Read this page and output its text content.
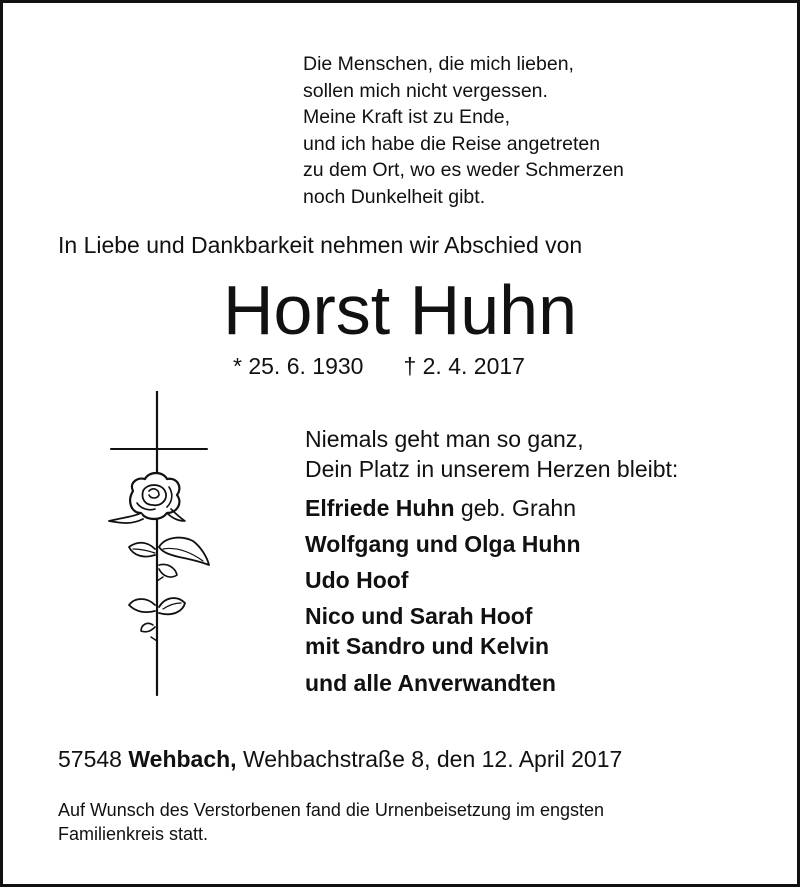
Die Menschen, die mich lieben,
sollen mich nicht vergessen.
Meine Kraft ist zu Ende,
und ich habe die Reise angetreten
zu dem Ort, wo es weder Schmerzen
noch Dunkelheit gibt.
In Liebe und Dankbarkeit nehmen wir Abschied von
Horst Huhn
* 25. 6. 1930 † 2. 4. 2017
Niemals geht man so ganz,
Dein Platz in unserem Herzen bleibt:
Elfriede Huhn geb. Grahn
Wolfgang und Olga Huhn
Udo Hoof
Nico und Sarah Hoof
mit Sandro und Kelvin
und alle Anverwandten
57548 Wehbach, Wehbachstraße 8, den 12. April 2017
Auf Wunsch des Verstorbenen fand die Urnenbeisetzung im engsten
Familienkreis statt.
